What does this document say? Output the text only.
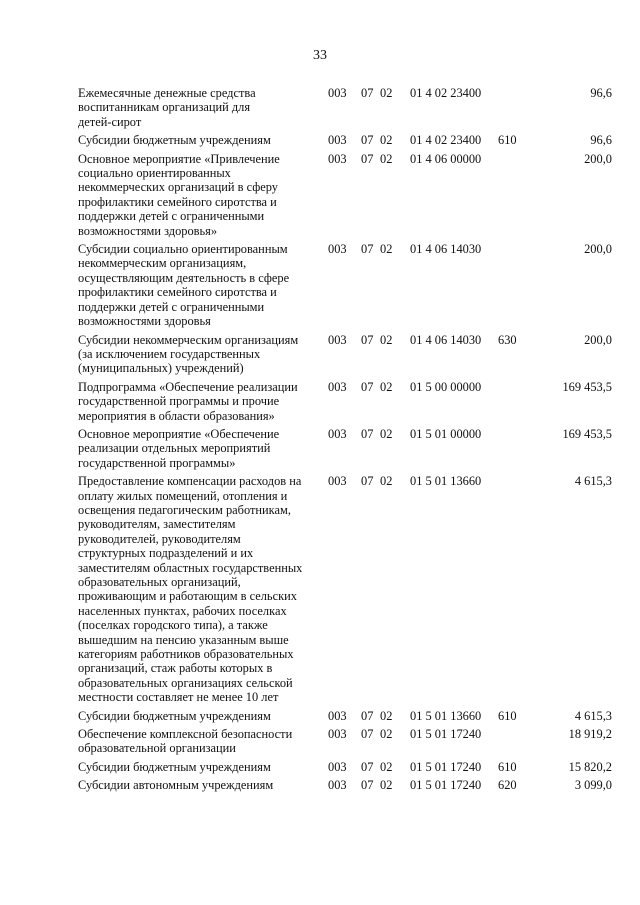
33
Ежемесячные денежные средства
воспитанникам организаций для
детей-сирот
003 07 02 01 4 02 23400	96,6
Субсидии бюджетным учреждениям	003 07 02 01 4 02 23400 610	96,6
Основное мероприятие «Привлечение
социально ориентированных
некоммерческих организаций в сферу
профилактики семейного сиротства и
поддержки детей с ограниченными
возможностями здоровья»
003 07 02 01 4 06 00000	200,0
Субсидии социально ориентированным
некоммерческим организациям,
осуществляющим деятельность в сфере
профилактики семейного сиротства и
поддержки детей с ограниченными
возможностями здоровья
003 07 02 01 4 06 14030	200,0
Субсидии некоммерческим организациям
(за исключением государственных
(муниципальных) учреждений)
003 07 02 01 4 06 14030 630	200,0
Подпрограмма «Обеспечение реализации
государственной программы и прочие
мероприятия в области образования»
003 07 02 01 5 00 00000	169 453,5
Основное мероприятие «Обеспечение
реализации отдельных мероприятий
государственной программы»
003 07 02 01 5 01 00000	169 453,5
Предоставление компенсации расходов на
оплату жилых помещений, отопления и
освещения педагогическим работникам,
руководителям, заместителям
руководителей, руководителям
структурных подразделений и их
заместителям областных государственных
образовательных организаций,
проживающим и работающим в сельских
населенных пунктах, рабочих поселках
(поселках городского типа), а также
вышедшим на пенсию указанным выше
категориям работников образовательных
организаций, стаж работы которых в
образовательных организациях сельской
местности составляет не менее 10 лет
003 07 02 01 5 01 13660	4 615,3
Субсидии бюджетным учреждениям	003 07 02 01 5 01 13660 610	4 615,3
Обеспечение комплексной безопасности
образовательной организации
003 07 02 01 5 01 17240	18 919,2
Субсидии бюджетным учреждениям	003 07 02 01 5 01 17240 610	15 820,2
Субсидии автономным учреждениям	003 07 02 01 5 01 17240 620	3 099,0
